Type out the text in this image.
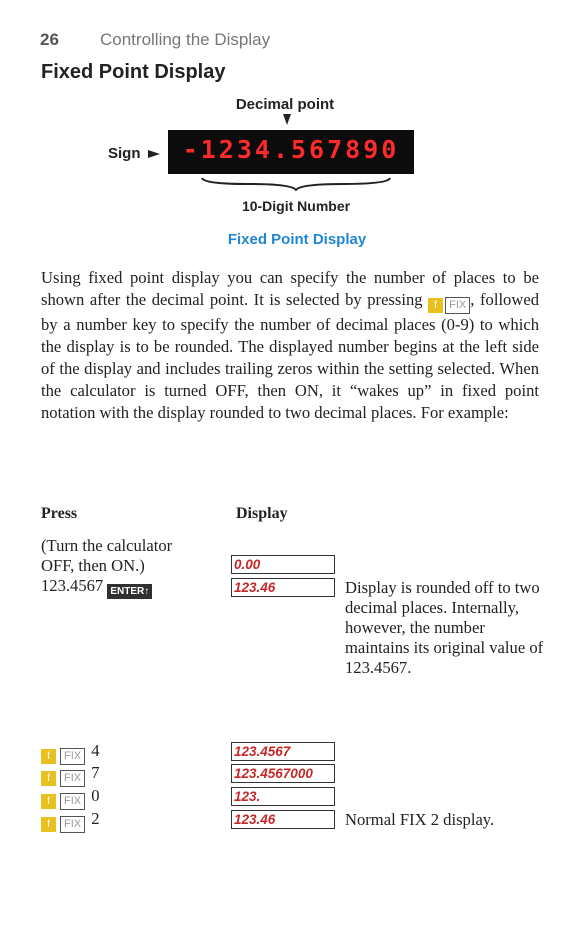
26 Controlling the Display
Fixed Point Display
Decimal point
Sign	-1234.567890
10-Digit Number
Fixed Point Display

Using fixed point display you can specify the number of places to be shown after the decimal point. It is selected by pressing f FIX , followed by a number key to specify the number of decimal places (0-9) to which the display is to be rounded. The displayed number begins at the left side of the display and includes trailing zeros within the setting selected. When the calculator is turned OFF, then ON, it “wakes up” in fixed point notation with the display rounded to two decimal places. For example:

Press	Display
(Turn the calculator
OFF, then ON.)	0.00
123.4567 ENTER↑	123.46	Display is rounded off to two decimal places. Internally, however, the number maintains its original value of 123.4567.
f FIX 4	123.4567
f FIX 7	123.4567000
f FIX 0	123.
f FIX 2	123.46	Normal FIX 2 display.
